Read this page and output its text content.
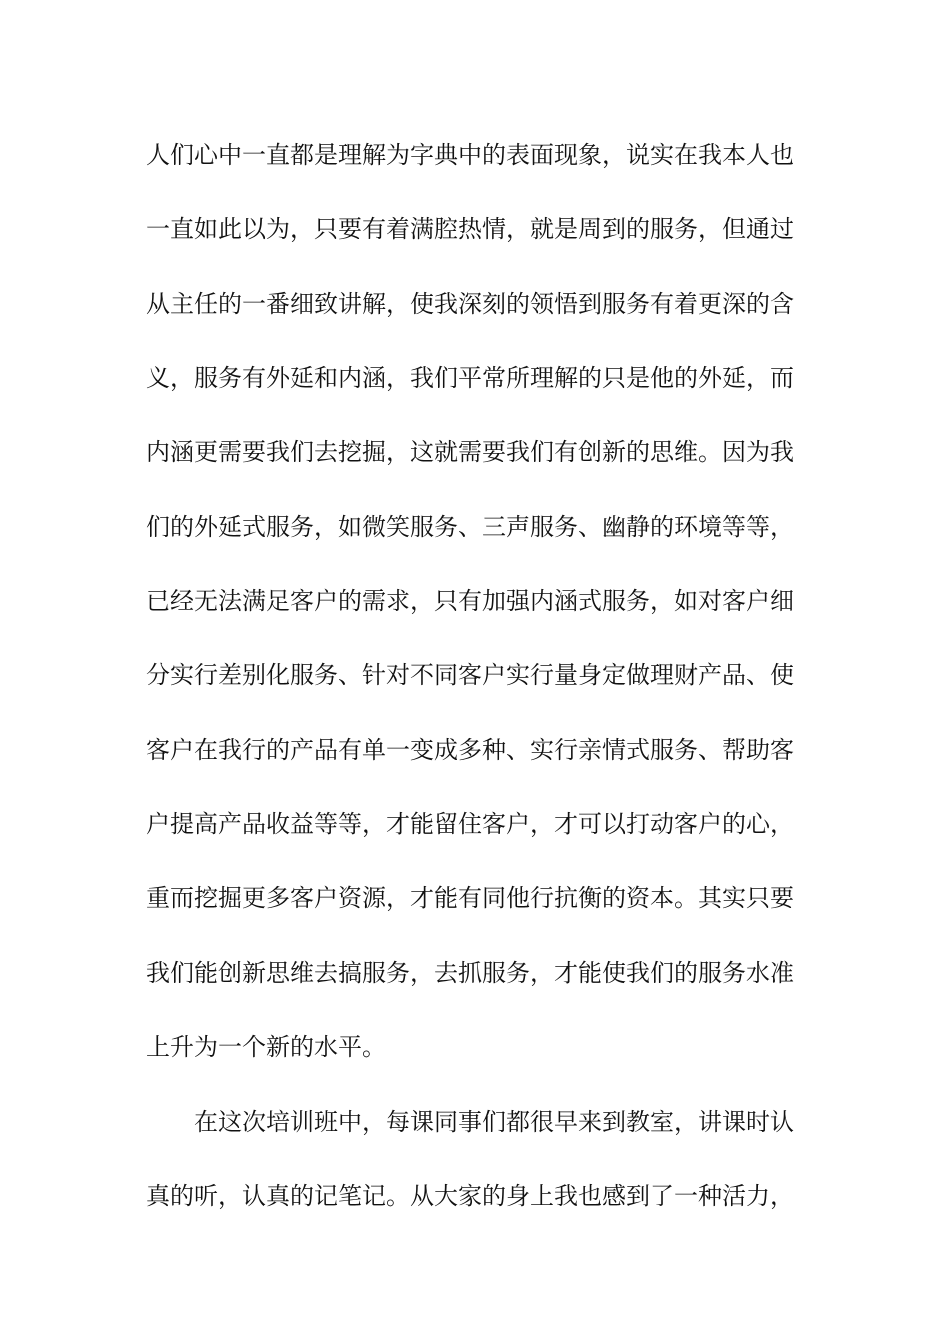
人们心中一直都是理解为字典中的表面现象，说实在我本人也
一直如此以为，只要有着满腔热情，就是周到的服务，但通过
从主任的一番细致讲解，使我深刻的领悟到服务有着更深的含
义，服务有外延和内涵，我们平常所理解的只是他的外延，而
内涵更需要我们去挖掘，这就需要我们有创新的思维。因为我
们的外延式服务，如微笑服务、三声服务、幽静的环境等等，
已经无法满足客户的需求，只有加强内涵式服务，如对客户细
分实行差别化服务、针对不同客户实行量身定做理财产品、使
客户在我行的产品有单一变成多种、实行亲情式服务、帮助客
户提高产品收益等等，才能留住客户，才可以打动客户的心，
重而挖掘更多客户资源，才能有同他行抗衡的资本。其实只要
我们能创新思维去搞服务，去抓服务，才能使我们的服务水准
上升为一个新的水平。
在这次培训班中，每课同事们都很早来到教室，讲课时认
真的听，认真的记笔记。从大家的身上我也感到了一种活力，
